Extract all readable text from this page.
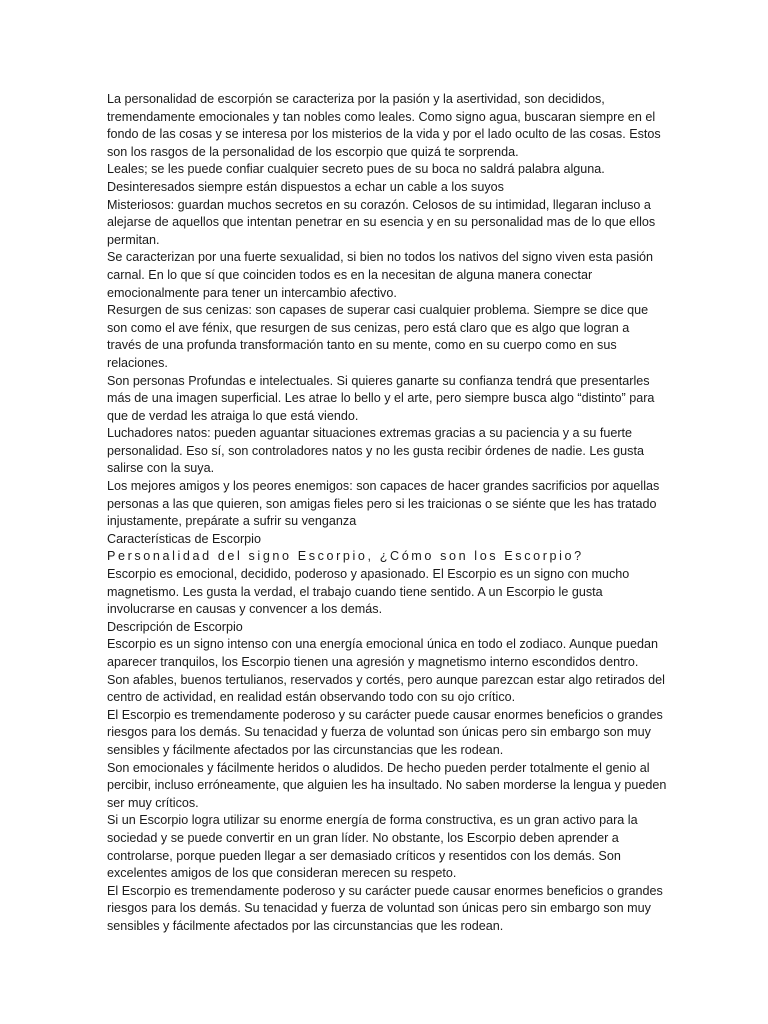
La personalidad de escorpión se caracteriza por la pasión y la asertividad, son decididos, tremendamente emocionales y tan nobles como leales. Como signo agua, buscaran siempre en el fondo de las cosas y se interesa por los misterios de la vida y por el lado oculto de las cosas. Estos son los rasgos de la personalidad de los escorpio que quizá te sorprenda.

Leales; se les puede confiar cualquier secreto pues de su boca no saldrá palabra alguna.

Desinteresados siempre están dispuestos a echar un cable a los suyos

Misteriosos: guardan muchos secretos en su corazón. Celosos de su intimidad, llegaran incluso a alejarse de aquellos que intentan penetrar en su esencia y en su personalidad mas de lo que ellos permitan.

Se caracterizan por una fuerte sexualidad, si bien no todos los nativos del signo viven esta pasión carnal. En lo que sí que coinciden todos es en la necesitan de alguna manera conectar emocionalmente para tener un intercambio afectivo.

Resurgen de sus cenizas: son capases de superar casi cualquier problema. Siempre se dice que son como el ave fénix, que resurgen de sus cenizas, pero está claro que es algo que logran a través de una profunda transformación tanto en su mente, como en su cuerpo como en sus relaciones.

Son personas Profundas e intelectuales. Si quieres ganarte su confianza tendrá que presentarles más de una imagen superficial. Les atrae lo bello y el arte, pero siempre busca algo “distinto” para que de verdad les atraiga lo que está viendo.

Luchadores natos: pueden aguantar situaciones extremas gracias a su paciencia y a su fuerte personalidad. Eso sí, son controladores natos y no les gusta recibir órdenes de nadie. Les gusta salirse con la suya.

Los mejores amigos y los peores enemigos: son capaces de hacer grandes sacrificios por aquellas personas a las que quieren, son amigas fieles pero si les traicionas o se siénte que les has tratado injustamente, prepárate a sufrir su venganza

Características de Escorpio

Personalidad del signo Escorpio, ¿Cómo son los Escorpio?

Escorpio es emocional, decidido, poderoso y apasionado. El Escorpio es un signo con mucho magnetismo. Les gusta la verdad, el trabajo cuando tiene sentido. A un Escorpio le gusta involucrarse en causas y convencer a los demás.

Descripción de Escorpio

Escorpio es un signo intenso con una energía emocional única en todo el zodiaco. Aunque puedan aparecer tranquilos, los Escorpio tienen una agresión y magnetismo interno escondidos dentro.

Son afables, buenos tertulianos, reservados y cortés, pero aunque parezcan estar algo retirados del centro de actividad, en realidad están observando todo con su ojo crítico.

El Escorpio es tremendamente poderoso y su carácter puede causar enormes beneficios o grandes riesgos para los demás. Su tenacidad y fuerza de voluntad son únicas pero sin embargo son muy sensibles y fácilmente afectados por las circunstancias que les rodean.

Son emocionales y fácilmente heridos o aludidos. De hecho pueden perder totalmente el genio al percibir, incluso erróneamente, que alguien les ha insultado. No saben morderse la lengua y pueden ser muy críticos.

Si un Escorpio logra utilizar su enorme energía de forma constructiva, es un gran activo para la sociedad y se puede convertir en un gran líder. No obstante, los Escorpio deben aprender a controlarse, porque pueden llegar a ser demasiado críticos y resentidos con los demás. Son excelentes amigos de los que consideran merecen su respeto.

El Escorpio es tremendamente poderoso y su carácter puede causar enormes beneficios o grandes riesgos para los demás. Su tenacidad y fuerza de voluntad son únicas pero sin embargo son muy sensibles y fácilmente afectados por las circunstancias que les rodean.
